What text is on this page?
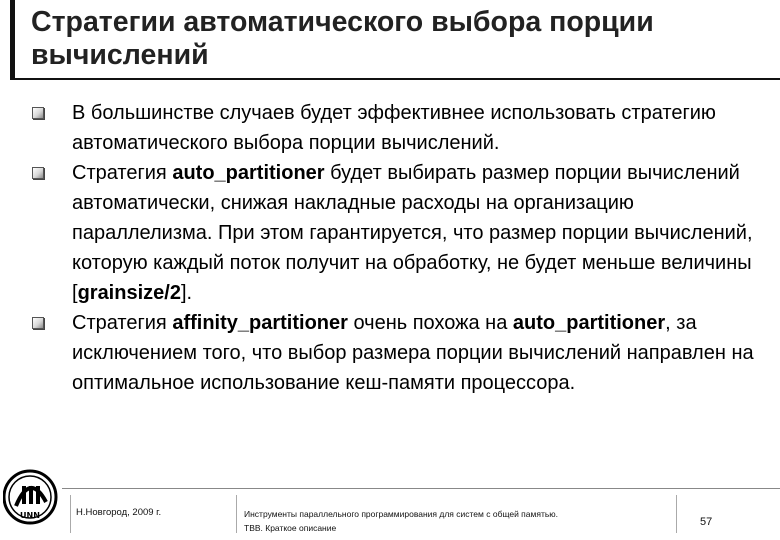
Стратегии автоматического выбора порции вычислений
В большинстве случаев будет эффективнее использовать стратегию автоматического выбора порции вычислений.
Стратегия auto_partitioner будет выбирать размер порции вычислений автоматически, снижая накладные расходы на организацию параллелизма. При этом гарантируется, что размер порции вычислений, которую каждый поток получит на обработку, не будет меньше величины [grainsize/2].
Стратегия affinity_partitioner очень похожа на auto_partitioner, за исключением того, что выбор размера порции вычислений направлен на оптимальное использование кеш-памяти процессора.
UNN	Н.Новгород, 2009 г.	Инструменты параллельного программирования для систем с общей памятью.
ТВВ. Краткое описание	57
